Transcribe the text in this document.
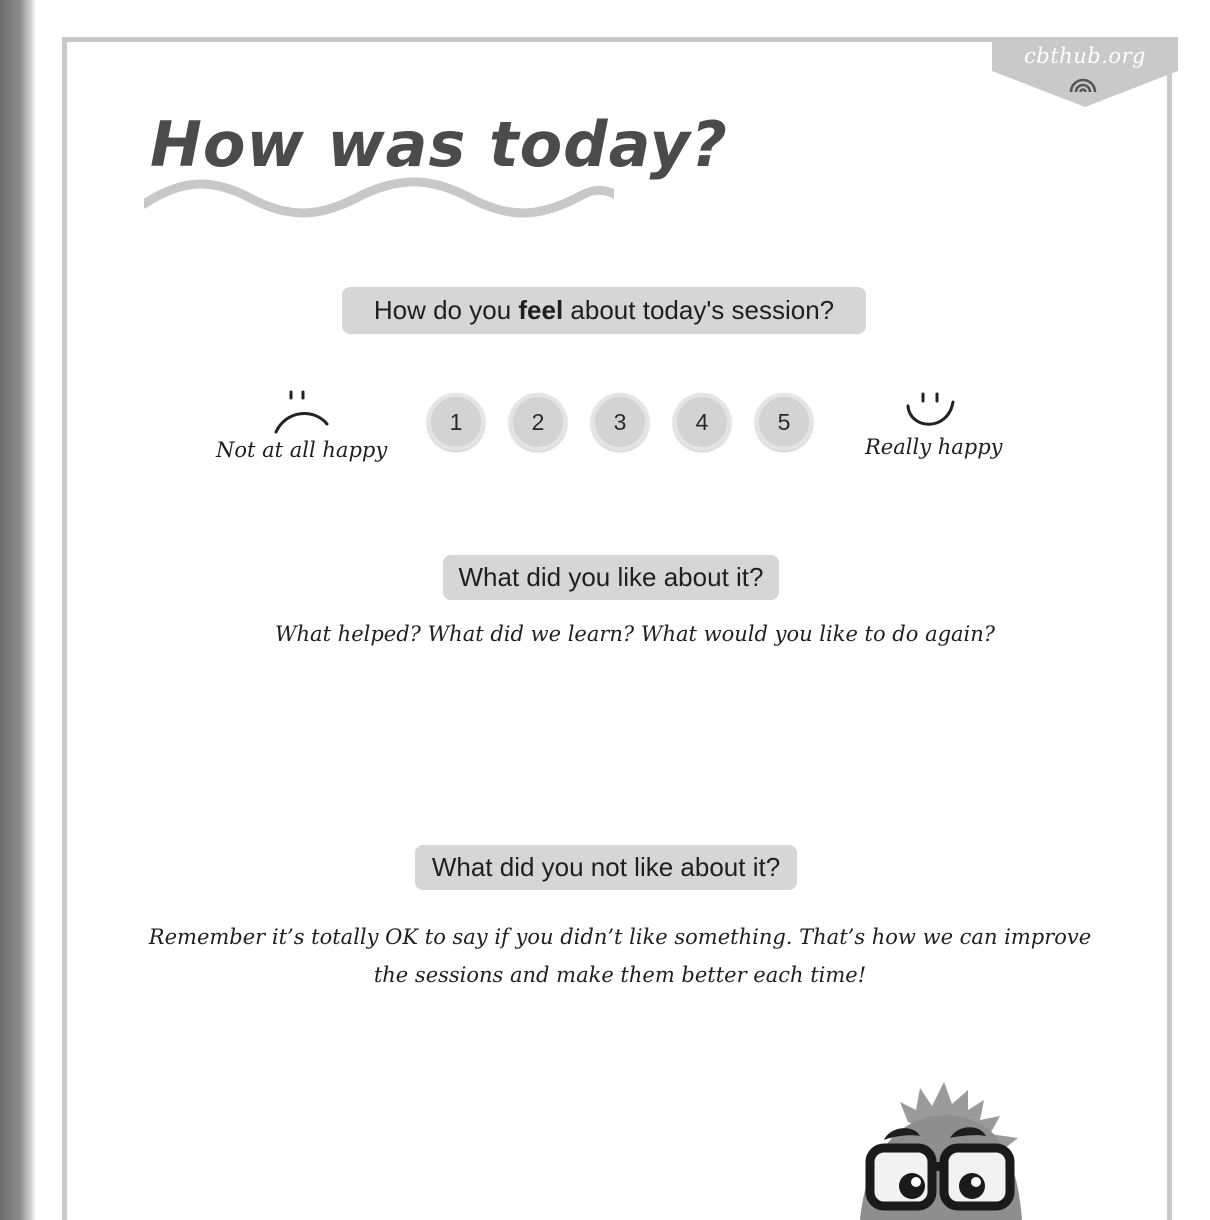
cbthub.org
How was today?
How do you feel about today's session?
Not at all happy
1	2	3	4	5
Really happy
What did you like about it?
What helped? What did we learn? What would you like to do again?
What did you not like about it?
Remember it’s totally OK to say if you didn’t like something. That’s how we can improve
the sessions and make them better each time!
